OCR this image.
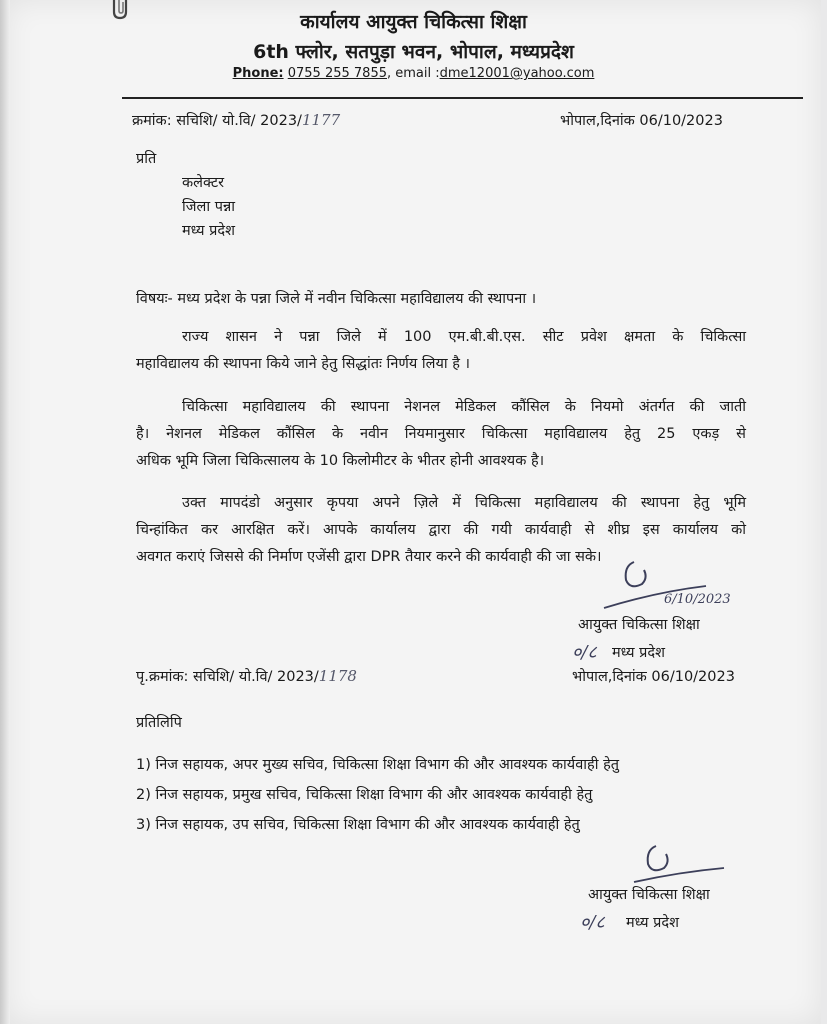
कार्यालय आयुक्त चिकित्सा शिक्षा
6th फ्लोर, सतपुड़ा भवन, भोपाल, मध्यप्रदेश
Phone: 0755 255 7855, email :dme12001@yahoo.com
क्रमांक: सचिशि/ यो.वि/ 2023/1177	भोपाल,दिनांक 06/10/2023
प्रति
कलेक्टर
जिला पन्ना
मध्य प्रदेश
विषयः- मध्य प्रदेश के पन्ना जिले में नवीन चिकित्सा महाविद्यालय की स्थापना ।
राज्य शासन ने पन्ना जिले में 100 एम.बी.बी.एस. सीट प्रवेश क्षमता के चिकित्सा
महाविद्यालय की स्थापना किये जाने हेतु सिद्धांतः निर्णय लिया है ।
चिकित्सा महाविद्यालय की स्थापना नेशनल मेडिकल कौंसिल के नियमो अंतर्गत की जाती
है। नेशनल मेडिकल कौंसिल के नवीन नियमानुसार चिकित्सा महाविद्यालय हेतु 25 एकड़ से
अधिक भूमि जिला चिकित्सालय के 10 किलोमीटर के भीतर होनी आवश्यक है।
उक्त मापदंडो अनुसार कृपया अपने ज़िले में चिकित्सा महाविद्यालय की स्थापना हेतु भूमि
चिन्हांकित कर आरक्षित करें। आपके कार्यालय द्वारा की गयी कार्यवाही से शीघ्र इस कार्यालय को
अवगत कराएं जिससे की निर्माण एजेंसी द्वारा DPR तैयार करने की कार्यवाही की जा सके।
6/10/2023
आयुक्त चिकित्सा शिक्षा
०/८ मध्य प्रदेश
पृ.क्रमांक: सचिशि/ यो.वि/ 2023/1178	भोपाल,दिनांक 06/10/2023
प्रतिलिपि
1) निज सहायक, अपर मुख्य सचिव, चिकित्सा शिक्षा विभाग की और आवश्यक कार्यवाही हेतु
2) निज सहायक, प्रमुख सचिव, चिकित्सा शिक्षा विभाग की और आवश्यक कार्यवाही हेतु
3) निज सहायक, उप सचिव, चिकित्सा शिक्षा विभाग की और आवश्यक कार्यवाही हेतु
आयुक्त चिकित्सा शिक्षा
०/८ मध्य प्रदेश
